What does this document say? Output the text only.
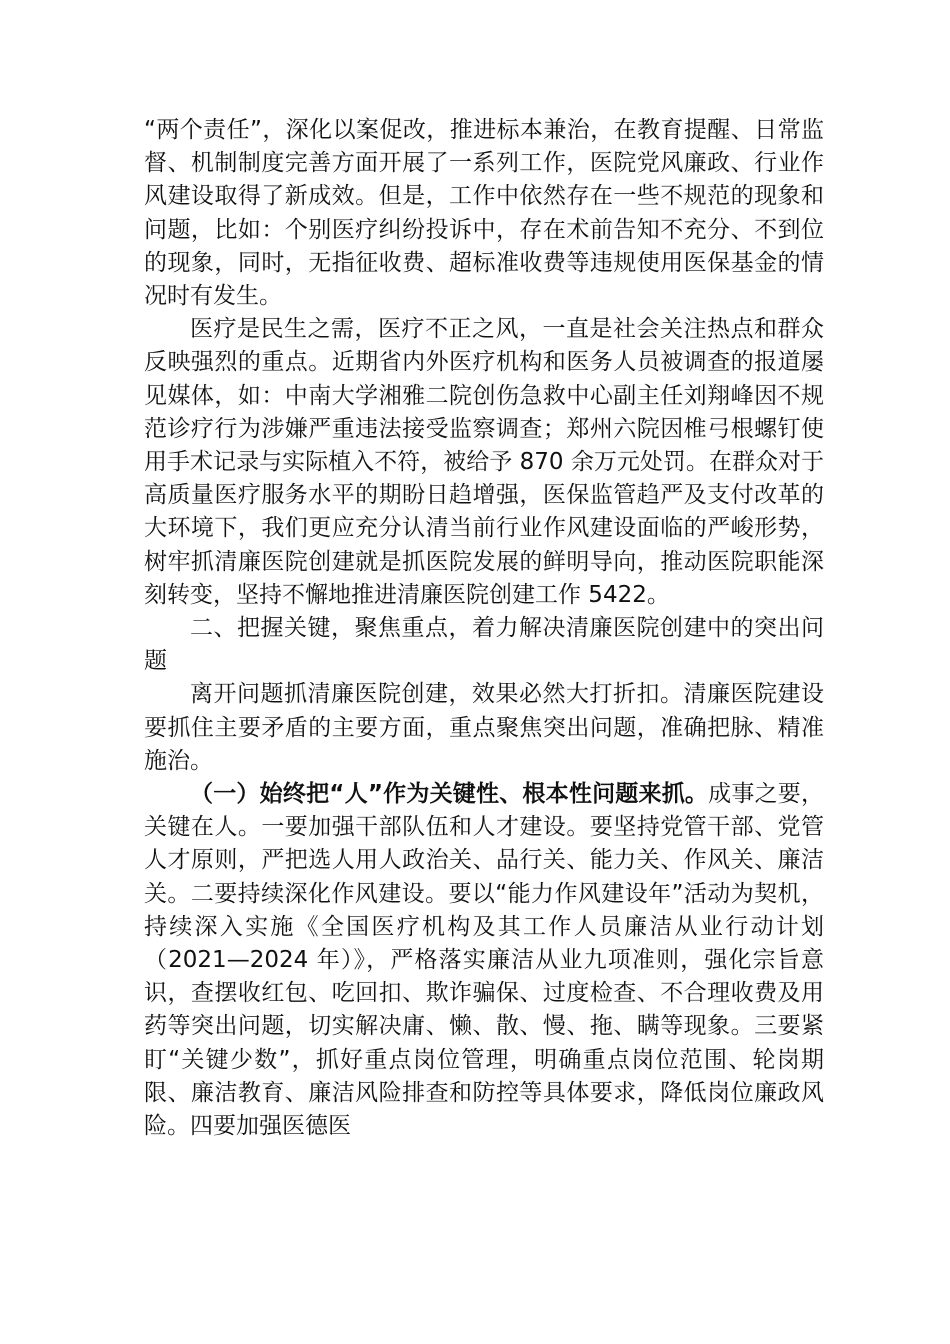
“两个责任”，深化以案促改，推进标本兼治，在教育提醒、日常监督、机制制度完善方面开展了一系列工作，医院党风廉政、行业作风建设取得了新成效。但是，工作中依然存在一些不规范的现象和问题，比如：个别医疗纠纷投诉中，存在术前告知不充分、不到位的现象，同时，无指征收费、超标准收费等违规使用医保基金的情况时有发生。

医疗是民生之需，医疗不正之风，一直是社会关注热点和群众反映强烈的重点。近期省内外医疗机构和医务人员被调查的报道屡见媒体，如：中南大学湘雅二院创伤急救中心副主任刘翔峰因不规范诊疗行为涉嫌严重违法接受监察调查；郑州六院因椎弓根螺钉使用手术记录与实际植入不符，被给予 870 余万元处罚。在群众对于高质量医疗服务水平的期盼日趋增强，医保监管趋严及支付改革的大环境下，我们更应充分认清当前行业作风建设面临的严峻形势，树牢抓清廉医院创建就是抓医院发展的鲜明导向，推动医院职能深刻转变，坚持不懈地推进清廉医院创建工作 5422。

二、把握关键，聚焦重点，着力解决清廉医院创建中的突出问题

离开问题抓清廉医院创建，效果必然大打折扣。清廉医院建设要抓住主要矛盾的主要方面，重点聚焦突出问题，准确把脉、精准施治。

（一）始终把“人”作为关键性、根本性问题来抓。成事之要，关键在人。一要加强干部队伍和人才建设。要坚持党管干部、党管人才原则，严把选人用人政治关、品行关、能力关、作风关、廉洁关。二要持续深化作风建设。要以“能力作风建设年”活动为契机，持续深入实施《全国医疗机构及其工作人员廉洁从业行动计划（2021—2024 年）》，严格落实廉洁从业九项准则，强化宗旨意识，查摆收红包、吃回扣、欺诈骗保、过度检查、不合理收费及用药等突出问题，切实解决庸、懒、散、慢、拖、瞒等现象。三要紧盯“关键少数”，抓好重点岗位管理，明确重点岗位范围、轮岗期限、廉洁教育、廉洁风险排查和防控等具体要求，降低岗位廉政风险。四要加强医德医
